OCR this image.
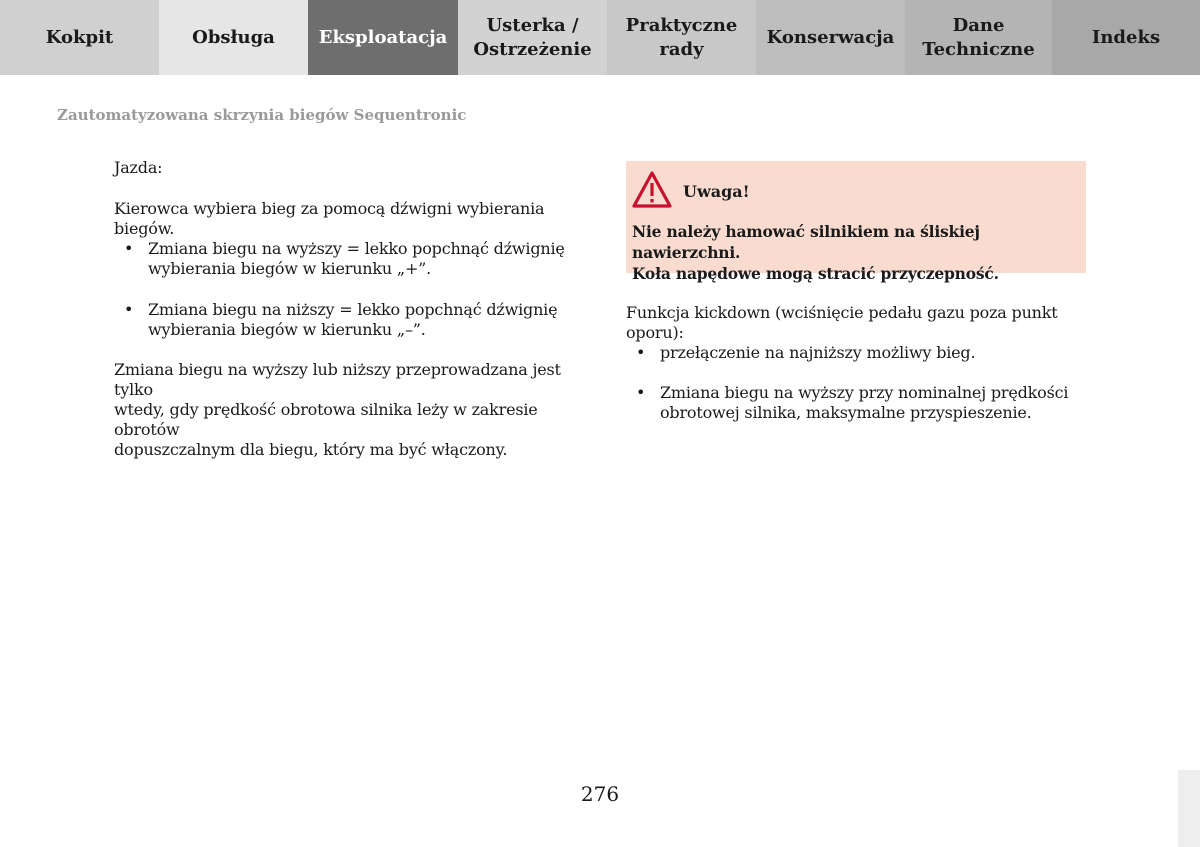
Kokpit	Obsługa Eksploatacja
Usterka /
Ostrzeżenie
Praktyczne
rady
Konserwacja
Dane
Techniczne
Indeks
Zautomatyzowana skrzynia biegów Sequentronic
Jazda:
Kierowca wybiera bieg za pomocą dźwigni wybierania biegów.
• Zmiana biegu na wyższy = lekko popchnąć dźwignię
wybierania biegów w kierunku „+”.
• Zmiana biegu na niższy = lekko popchnąć dźwignię
wybierania biegów w kierunku „–”.
Zmiana biegu na wyższy lub niższy przeprowadzana jest tylko
wtedy, gdy prędkość obrotowa silnika leży w zakresie obrotów
dopuszczalnym dla biegu, który ma być włączony.
Uwaga!
Nie należy hamować silnikiem na śliskiej nawierzchni.
Koła napędowe mogą stracić przyczepność.
Funkcja kickdown (wciśnięcie pedału gazu poza punkt oporu):
• przełączenie na najniższy możliwy bieg.
• Zmiana biegu na wyższy przy nominalnej prędkości
obrotowej silnika, maksymalne przyspieszenie.
276
